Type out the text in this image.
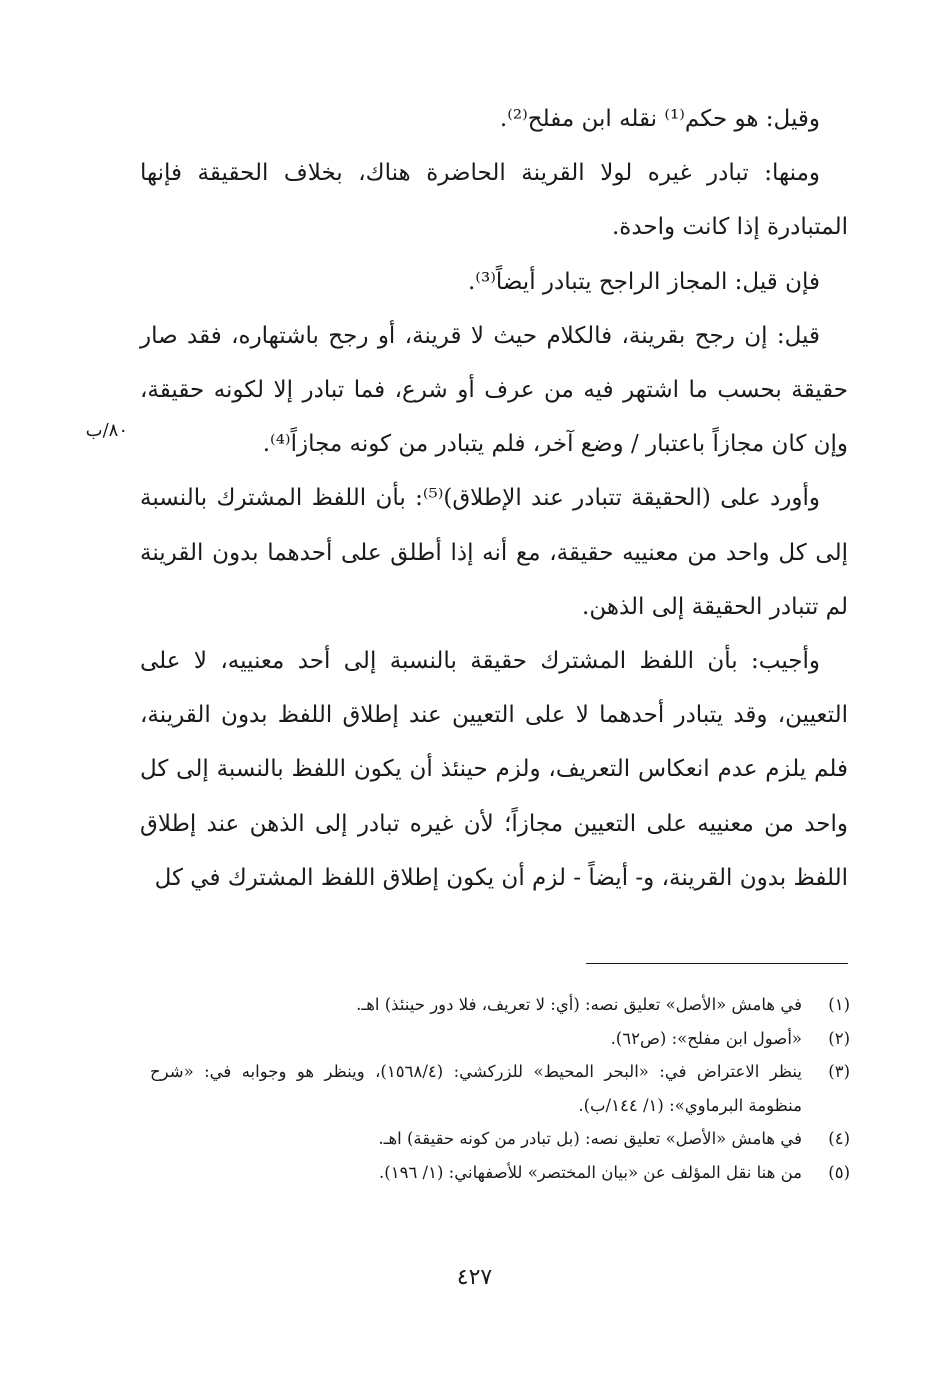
وقيل: هو حكم⁽¹⁾ نقله ابن مفلح⁽²⁾.

ومنها: تبادر غيره لولا القرينة الحاضرة هناك، بخلاف الحقيقة فإنها المتبادرة إذا كانت واحدة.

فإن قيل: المجاز الراجح يتبادر أيضاً⁽³⁾.

قيل: إن رجح بقرينة، فالكلام حيث لا قرينة، أو رجح باشتهاره، فقد صار حقيقة بحسب ما اشتهر فيه من عرف أو شرع، فما تبادر إلا لكونه حقيقة، وإن كان مجازاً باعتبار / وضع آخر، فلم يتبادر من كونه مجازاً⁽⁴⁾.

وأورد على (الحقيقة تتبادر عند الإطلاق)⁽⁵⁾: بأن اللفظ المشترك بالنسبة إلى كل واحد من معنييه حقيقة، مع أنه إذا أطلق على أحدهما بدون القرينة لم تتبادر الحقيقة إلى الذهن.

وأجيب: بأن اللفظ المشترك حقيقة بالنسبة إلى أحد معنييه، لا على التعيين، وقد يتبادر أحدهما لا على التعيين عند إطلاق اللفظ بدون القرينة، فلم يلزم عدم انعكاس التعريف، ولزم حينئذ أن يكون اللفظ بالنسبة إلى كل واحد من معنييه على التعيين مجازاً؛ لأن غيره تبادر إلى الذهن عند إطلاق اللفظ بدون القرينة، و- أيضاً - لزم أن يكون إطلاق اللفظ المشترك في كل

٨٠/ب
(١)
في هامش «الأصل» تعليق نصه: (أي: لا تعريف، فلا دور حينئذ) اهـ.
(٢)
«أصول ابن مفلح»: (ص٦٢).
(٣)
ينظر الاعتراض في: «البحر المحيط» للزركشي: (١٥٦٨/٤)، وينظر هو وجوابه في: «شرح منظومة البرماوي»: (١/ ١٤٤/ب).
(٤)
في هامش «الأصل» تعليق نصه: (بل تبادر من كونه حقيقة) اهـ.
(٥)
من هنا نقل المؤلف عن «بيان المختصر» للأصفهاني: (١/ ١٩٦).
٤٢٧
